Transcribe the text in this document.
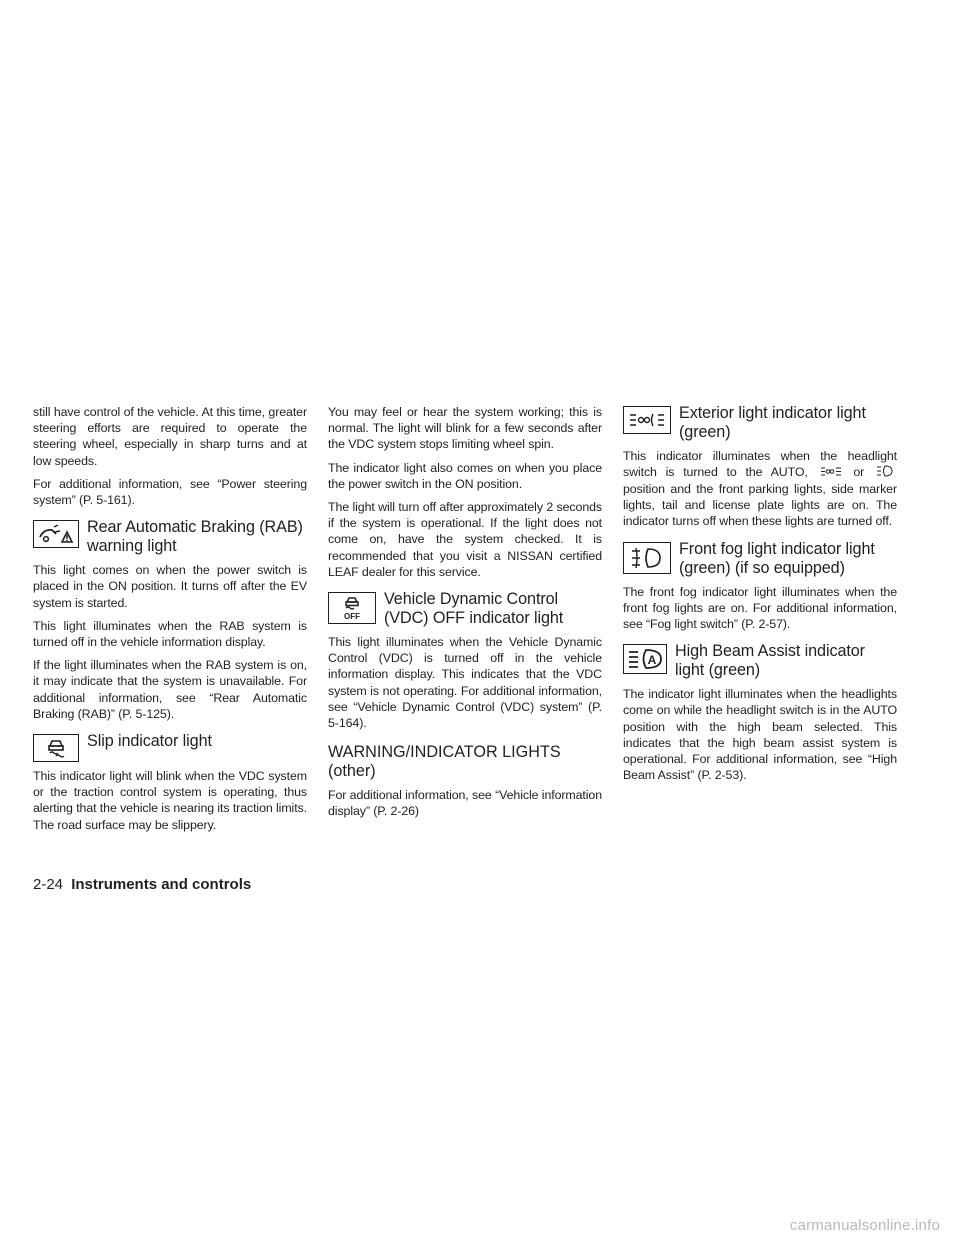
still have control of the vehicle. At this time, greater steering efforts are required to operate the steering wheel, especially in sharp turns and at low speeds.

For additional information, see “Power steering system” (P. 5-161).

Rear Automatic Braking (RAB) warning light

This light comes on when the power switch is placed in the ON position. It turns off after the EV system is started.

This light illuminates when the RAB system is turned off in the vehicle information display.

If the light illuminates when the RAB system is on, it may indicate that the system is unavailable. For additional information, see “Rear Automatic Braking (RAB)” (P. 5-125).

Slip indicator light

This indicator light will blink when the VDC system or the traction control system is operating, thus alerting that the vehicle is nearing its traction limits. The road surface may be slippery.

You may feel or hear the system working; this is normal. The light will blink for a few seconds after the VDC system stops limiting wheel spin.

The indicator light also comes on when you place the power switch in the ON position.

The light will turn off after approximately 2 seconds if the system is operational. If the light does not come on, have the system checked. It is recommended that you visit a NISSAN certified LEAF dealer for this service.

OFF
Vehicle Dynamic Control (VDC) OFF indicator light

This light illuminates when the Vehicle Dynamic Control (VDC) is turned off in the vehicle information display. This indicates that the VDC system is not operating. For additional information, see “Vehicle Dynamic Control (VDC) system” (P. 5-164).

WARNING/INDICATOR LIGHTS (other)

For additional information, see “Vehicle information display” (P. 2-26)

Exterior light indicator light (green)

This indicator illuminates when the headlight switch is turned to the AUTO,	or  position and the front parking lights, side marker lights, tail and license plate lights are on. The indicator turns off when these lights are turned off.

Front fog light indicator light (green) (if so equipped)

The front fog indicator light illuminates when the front fog lights are on. For additional information, see “Fog light switch” (P. 2-57).

A High Beam Assist indicator light (green)

The indicator light illuminates when the headlights come on while the headlight switch is in the AUTO position with the high beam selected. This indicates that the high beam assist system is operational. For additional information, see “High Beam Assist” (P. 2-53).

2-24 Instruments and controls
carmanualsonline.info
